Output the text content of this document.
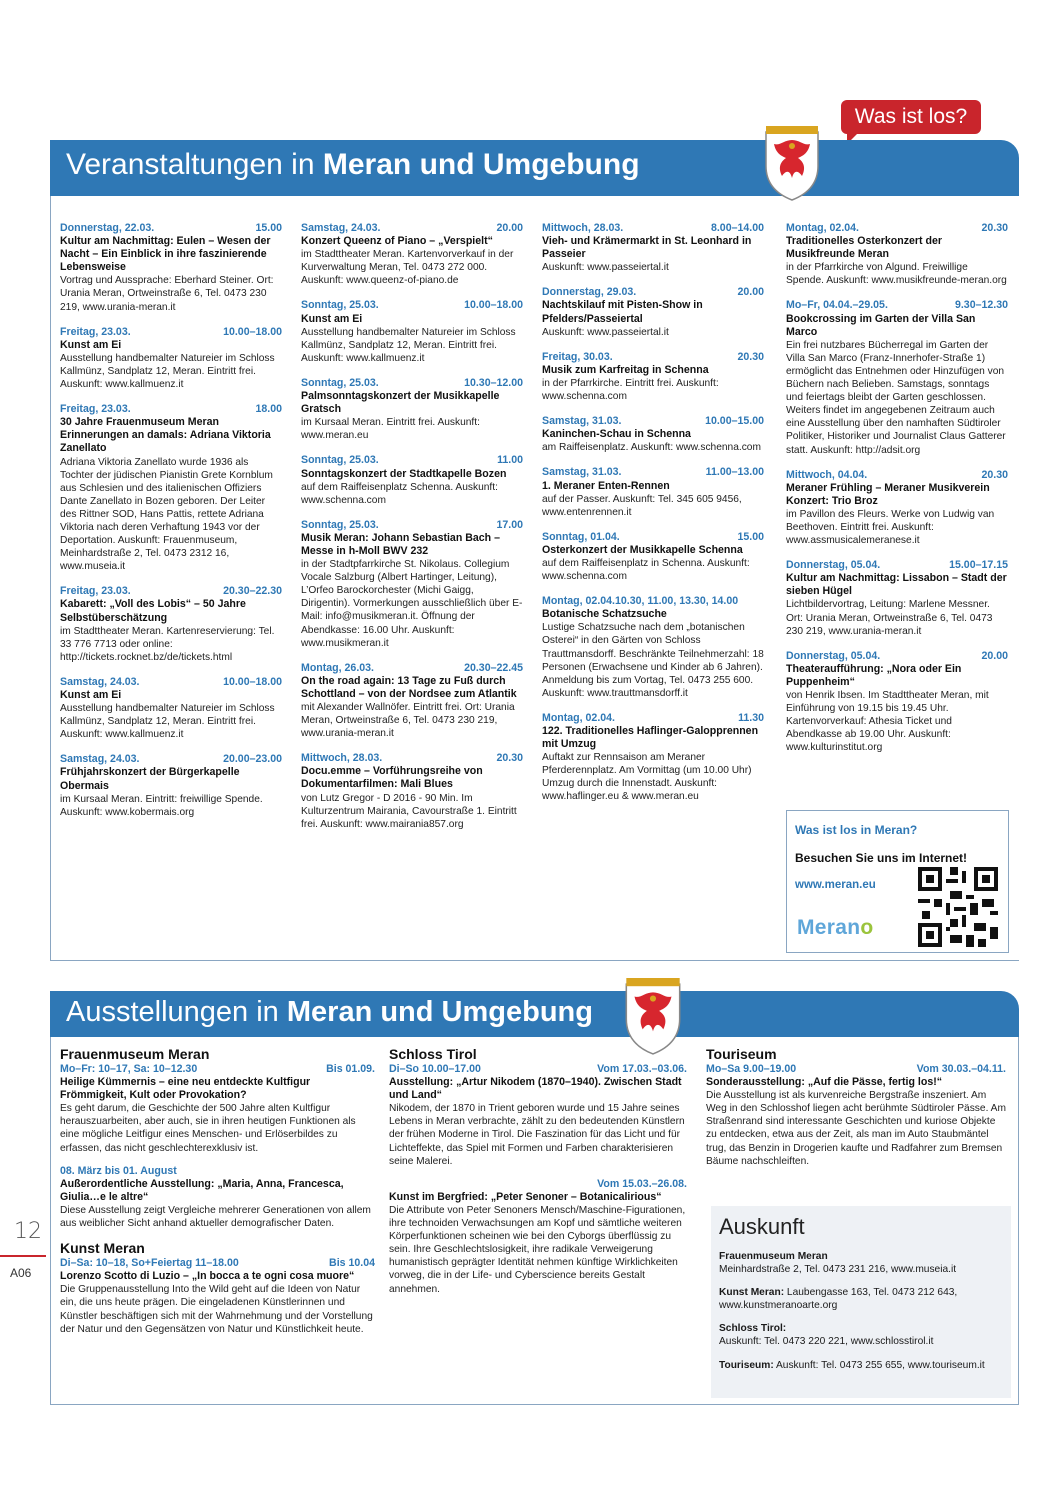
Was ist los?
Veranstaltungen in Meran und Umgebung
Donnerstag, 22.03.	15.00
Kultur am Nachmittag: Eulen – Wesen der Nacht – Ein Einblick in ihre faszinierende Lebensweise
Vortrag und Aussprache: Eberhard Steiner. Ort: Urania Meran, Ortweinstraße 6, Tel. 0473 230 219, www.urania-meran.it
Freitag, 23.03.	10.00–18.00
Kunst am Ei
Ausstellung handbemalter Natureier im Schloss Kallmünz, Sandplatz 12, Meran. Eintritt frei. Auskunft: www.kallmuenz.it
Freitag, 23.03.	18.00
30 Jahre Frauenmuseum Meran Erinnerungen an damals: Adriana Viktoria Zanellato
Adriana Viktoria Zanellato wurde 1936 als Tochter der jüdischen Pianistin Grete Kornblum aus Schlesien und des italienischen Offiziers Dante Zanellato in Bozen geboren. Der Leiter des Rittner SOD, Hans Pattis, rettete Adriana Viktoria nach deren Verhaftung 1943 vor der Deportation. Auskunft: Frauenmuseum, Meinhardstraße 2, Tel. 0473 2312 16, www.museia.it
Freitag, 23.03.	20.30–22.30
Kabarett: „Voll des Lobis“ – 50 Jahre Selbstüberschätzung
im Stadttheater Meran. Kartenreservierung: Tel. 33 776 7713 oder online: http://tickets.rocknet.bz/de/tickets.html
Samstag, 24.03.	10.00–18.00
Kunst am Ei
Ausstellung handbemalter Natureier im Schloss Kallmünz, Sandplatz 12, Meran. Eintritt frei. Auskunft: www.kallmuenz.it
Samstag, 24.03.	20.00–23.00
Frühjahrskonzert der Bürgerkapelle Obermais
im Kursaal Meran. Eintritt: freiwillige Spende. Auskunft: www.kobermais.org
Samstag, 24.03.	20.00
Konzert Queenz of Piano – „Verspielt“
im Stadttheater Meran. Kartenvorverkauf in der Kurverwaltung Meran, Tel. 0473 272 000. Auskunft: www.queenz-of-piano.de
Sonntag, 25.03.	10.00–18.00
Kunst am Ei
Ausstellung handbemalter Natureier im Schloss Kallmünz, Sandplatz 12, Meran. Eintritt frei. Auskunft: www.kallmuenz.it
Sonntag, 25.03.	10.30–12.00
Palmsonntagskonzert der Musikkapelle Gratsch
im Kursaal Meran. Eintritt frei. Auskunft: www.meran.eu
Sonntag, 25.03.	11.00
Sonntagskonzert der Stadtkapelle Bozen
auf dem Raiffeisenplatz Schenna. Auskunft: www.schenna.com
Sonntag, 25.03.	17.00
Musik Meran: Johann Sebastian Bach – Messe in h-Moll BWV 232
in der Stadtpfarrkirche St. Nikolaus. Collegium Vocale Salzburg (Albert Hartinger, Leitung), L’Orfeo Barockorchester (Michi Gaigg, Dirigentin). Vormerkungen ausschließlich über E-Mail: info@musikmeran.it. Öffnung der Abendkasse: 16.00 Uhr. Auskunft: www.musikmeran.it
Montag, 26.03.	20.30–22.45
On the road again: 13 Tage zu Fuß durch Schottland – von der Nordsee zum Atlantik
mit Alexander Wallnöfer. Eintritt frei. Ort: Urania Meran, Ortweinstraße 6, Tel. 0473 230 219, www.urania-meran.it
Mittwoch, 28.03.	20.30
Docu.emme – Vorführungsreihe von Dokumentarfilmen: Mali Blues
von Lutz Gregor - D 2016 - 90 Min. Im Kulturzentrum Mairania, Cavourstraße 1. Eintritt frei. Auskunft: www.mairania857.org
Mittwoch, 28.03.	8.00–14.00
Vieh- und Krämermarkt in St. Leonhard in Passeier
Auskunft: www.passeiertal.it
Donnerstag, 29.03.	20.00
Nachtskilauf mit Pisten-Show in Pfelders/Passeiertal
Auskunft: www.passeiertal.it
Freitag, 30.03.	20.30
Musik zum Karfreitag in Schenna
in der Pfarrkirche. Eintritt frei. Auskunft: www.schenna.com
Samstag, 31.03.	10.00–15.00
Kaninchen-Schau in Schenna
am Raiffeisenplatz. Auskunft: www.schenna.com
Samstag, 31.03.	11.00–13.00
1. Meraner Enten-Rennen
auf der Passer. Auskunft: Tel. 345 605 9456, www.entenrennen.it
Sonntag, 01.04.	15.00
Osterkonzert der Musikkapelle Schenna
auf dem Raiffeisenplatz in Schenna. Auskunft: www.schenna.com
Montag, 02.04.10.30, 11.00, 13.30, 14.00
Botanische Schatzsuche
Lustige Schatzsuche nach dem „botanischen Osterei“ in den Gärten von Schloss Trauttmansdorff. Beschränkte Teilnehmerzahl: 18 Personen (Erwachsene und Kinder ab 6 Jahren). Anmeldung bis zum Vortag, Tel. 0473 255 600. Auskunft: www.trauttmansdorff.it
Montag, 02.04.	11.30
122. Traditionelles Haflinger-Galopprennen mit Umzug
Auftakt zur Rennsaison am Meraner Pferderennplatz. Am Vormittag (um 10.00 Uhr) Umzug durch die Innenstadt. Auskunft: www.haflinger.eu & www.meran.eu
Montag, 02.04.	20.30
Traditionelles Osterkonzert der Musikfreunde Meran
in der Pfarrkirche von Algund. Freiwillige Spende. Auskunft: www.musikfreunde-meran.org
Mo–Fr, 04.04.–29.05.	9.30–12.30
Bookcrossing im Garten der Villa San Marco
Ein frei nutzbares Bücherregal im Garten der Villa San Marco (Franz-Innerhofer-Straße 1) ermöglicht das Entnehmen oder Hinzufügen von Büchern nach Belieben. Samstags, sonntags und feiertags bleibt der Garten geschlossen. Weiters findet im angegebenen Zeitraum auch eine Ausstellung über den namhaften Südtiroler Politiker, Historiker und Journalist Claus Gatterer statt. Auskunft: http://adsit.org
Mittwoch, 04.04.	20.30
Meraner Frühling – Meraner Musikverein Konzert: Trio Broz
im Pavillon des Fleurs. Werke von Ludwig van Beethoven. Eintritt frei. Auskunft: www.assmusicalemeranese.it
Donnerstag, 05.04.	15.00–17.15
Kultur am Nachmittag: Lissabon – Stadt der sieben Hügel
Lichtbildervortrag, Leitung: Marlene Messner. Ort: Urania Meran, Ortweinstraße 6, Tel. 0473 230 219, www.urania-meran.it
Donnerstag, 05.04.	20.00
Theateraufführung: „Nora oder Ein Puppenheim“
von Henrik Ibsen. Im Stadttheater Meran, mit Einführung von 19.15 bis 19.45 Uhr. Kartenvorverkauf: Athesia Ticket und Abendkasse ab 19.00 Uhr. Auskunft: www.kulturinstitut.org
Was ist los in Meran?
Besuchen Sie uns im Internet!
www.meran.eu
Merano
Ausstellungen in Meran und Umgebung
Frauenmuseum Meran
Mo–Fr: 10–17, Sa: 10–12.30	Bis 01.09.
Heilige Kümmernis – eine neu entdeckte Kultfigur Frömmigkeit, Kult oder Provokation?
Es geht darum, die Geschichte der 500 Jahre alten Kultfigur herauszuarbeiten, aber auch, sie in ihren heutigen Funktionen als eine mögliche Leitfigur eines Menschen- und Erlöserbildes zu erfassen, das nicht geschlechterexklusiv ist.
08. März bis 01. August
Außerordentliche Ausstellung: „Maria, Anna, Francesca, Giulia…e le altre“
Diese Ausstellung zeigt Vergleiche mehrerer Generationen von allem aus weiblicher Sicht anhand aktueller demografischer Daten.
Kunst Meran
Di–Sa: 10–18, So+Feiertag 11–18.00	Bis 10.04
Lorenzo Scotto di Luzio – „In bocca a te ogni cosa muore“
Die Gruppenausstellung Into the Wild geht auf die Ideen von Natur ein, die uns heute prägen. Die eingeladenen Künstlerinnen und Künstler beschäftigen sich mit der Wahrnehmung und der Vorstellung der Natur und den Gegensätzen von Natur und Künstlichkeit heute.
Schloss Tirol
Di–So 10.00–17.00	Vom 17.03.–03.06.
Ausstellung: „Artur Nikodem (1870–1940). Zwischen Stadt und Land“
Nikodem, der 1870 in Trient geboren wurde und 15 Jahre seines Lebens in Meran verbrachte, zählt zu den bedeutenden Künstlern der frühen Moderne in Tirol. Die Faszination für das Licht und für Lichteffekte, das Spiel mit Formen und Farben charakterisieren seine Malerei.
Vom 15.03.–26.08.
Kunst im Bergfried: „Peter Senoner – Botanicalirious“
Die Attribute von Peter Senoners Mensch/Maschine-Figurationen, ihre technoiden Verwachsungen am Kopf und sämtliche weiteren Körperfunktionen scheinen wie bei den Cyborgs überflüssig zu sein. Ihre Geschlechtslosigkeit, ihre radikale Verweigerung humanistisch geprägter Identität nehmen künftige Wirklichkeiten vorweg, die in der Life- und Cyberscience bereits Gestalt annehmen.
Touriseum
Mo–Sa 9.00–19.00	Vom 30.03.–04.11.
Sonderausstellung: „Auf die Pässe, fertig los!“
Die Ausstellung ist als kurvenreiche Bergstraße inszeniert. Am Weg in den Schlosshof liegen acht berühmte Südtiroler Pässe. Am Straßenrand sind interessante Geschichten und kuriose Objekte zu entdecken, etwa aus der Zeit, als man im Auto Staubmäntel trug, das Benzin in Drogerien kaufte und Radfahrer zum Bremsen Bäume nachschleiften.
Auskunft
Frauenmuseum Meran
Meinhardstraße 2, Tel. 0473 231 216, www.museia.it
Kunst Meran: Laubengasse 163, Tel. 0473 212 643, www.kunstmeranoarte.org
Schloss Tirol:
Auskunft: Tel. 0473 220 221, www.schlosstirol.it
Touriseum: Auskunft: Tel. 0473 255 655, www.touriseum.it
12
A06
